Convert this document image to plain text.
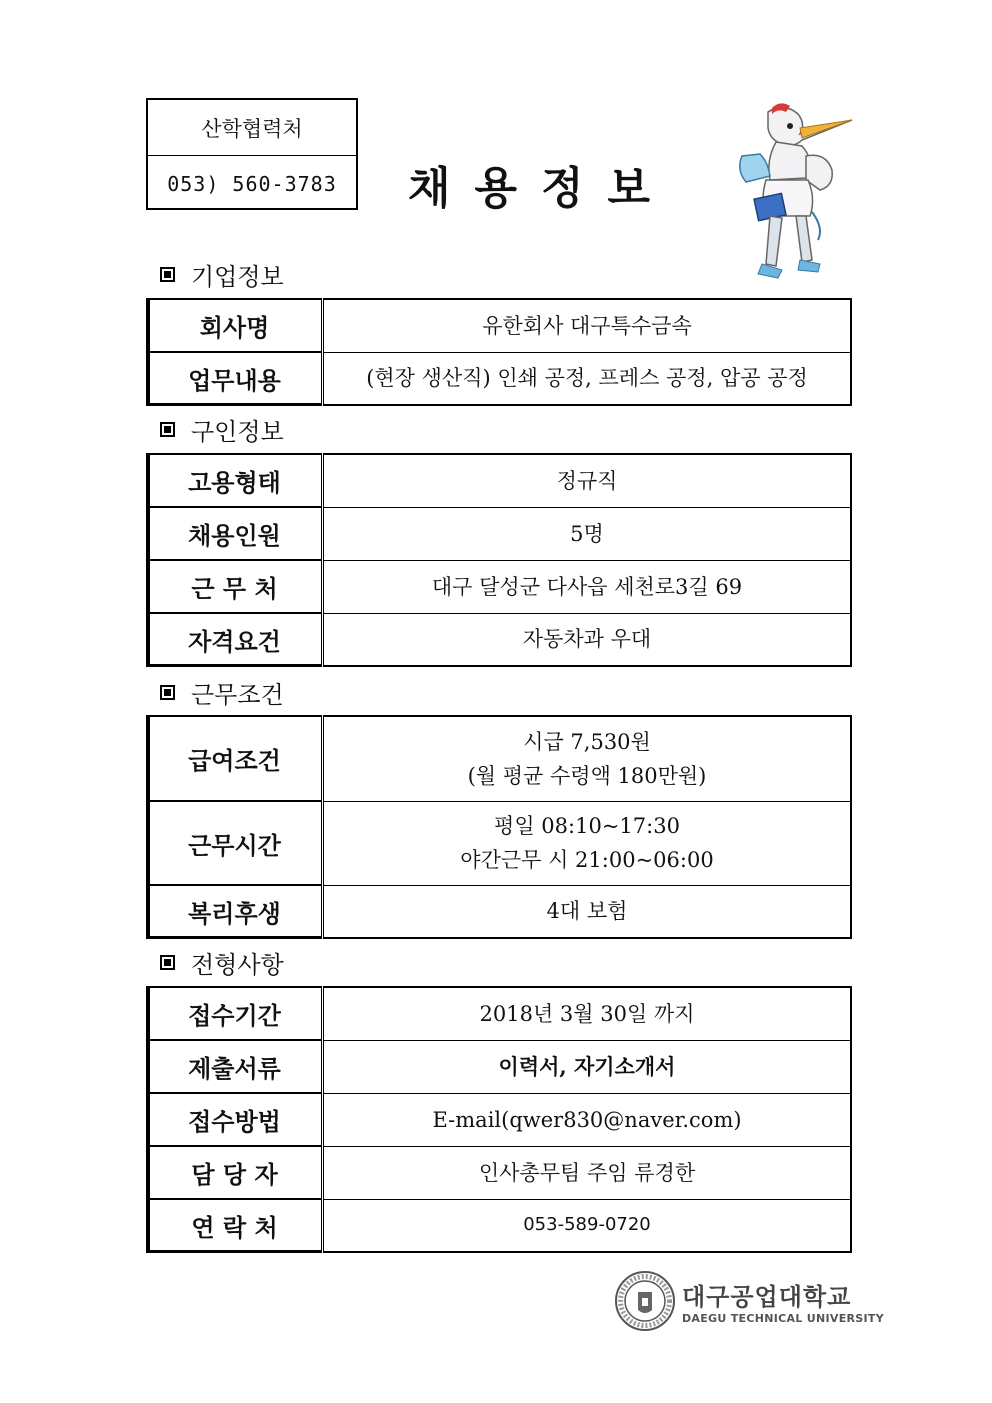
산학협력처
053) 560-3783	채용정보
기업정보
회사명	유한회사 대구특수금속
업무내용	(현장 생산직) 인쇄 공정, 프레스 공정, 압공 공정
구인정보
고용형태	정규직
채용인원	5명
근 무 처	대구 달성군 다사읍 세천로3길 69
자격요건	자동차과 우대
근무조건
급여조건	시급 7,530원
(월 평균 수령액 180만원)

근무시간	평일 08:10~17:30
야간근무 시 21:00~06:00

복리후생	4대 보험
전형사항
접수기간	2018년 3월 30일 까지
제출서류	이력서, 자기소개서
접수방법	E-mail(qwer830@naver.com)
담 당 자	인사총무팀 주임 류경한
연 락 처	053-589-0720
대구공업대학교
DAEGU TECHNICAL UNIVERSITY
